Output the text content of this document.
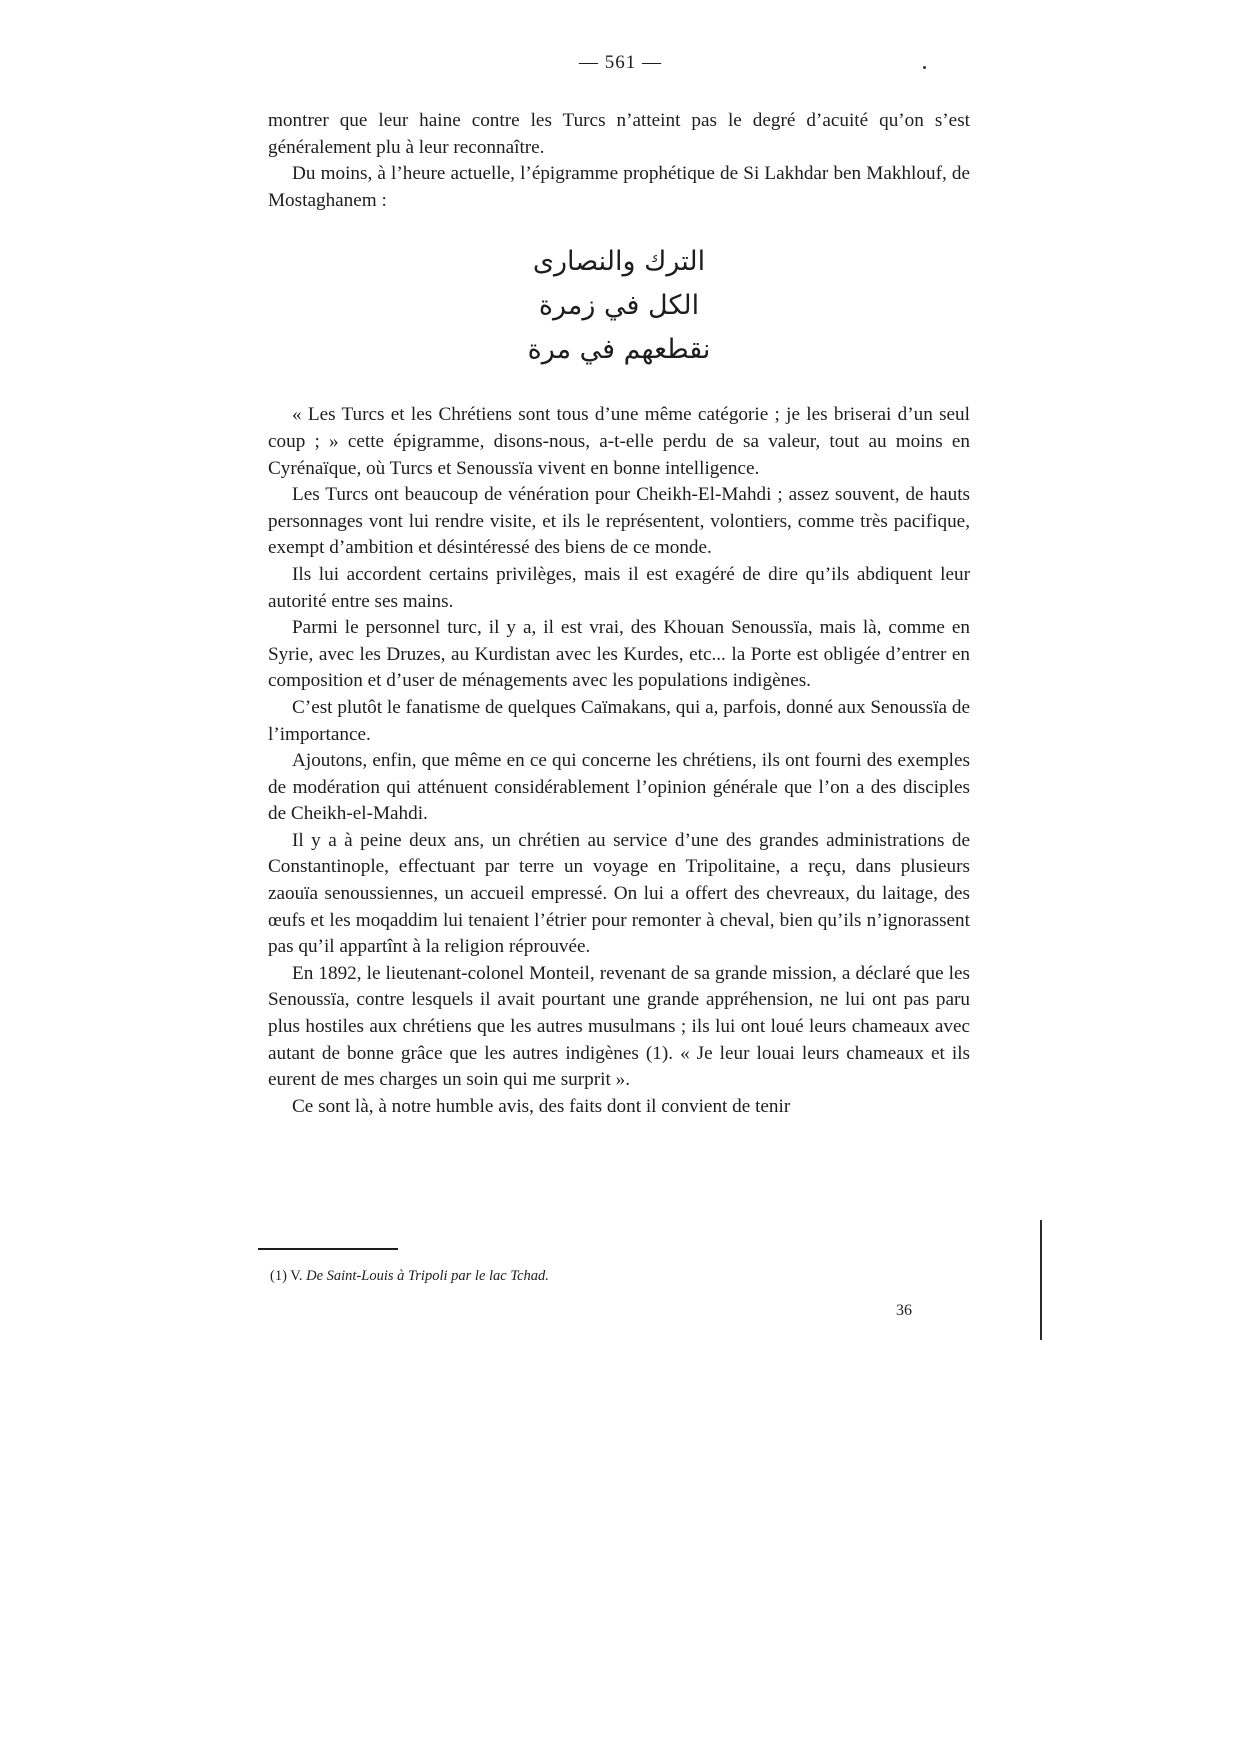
— 561 —

montrer que leur haine contre les Turcs n’atteint pas le degré d’acuité qu’on s’est généralement plu à leur reconnaître.

Du moins, à l’heure actuelle, l’épigramme prophétique de Si Lakhdar ben Makhlouf, de Mostaghanem :

الترك والنصارى
الكل في زمرة
نقطعهم في مرة

« Les Turcs et les Chrétiens sont tous d’une même catégorie ; je les briserai d’un seul coup ; » cette épigramme, disons-nous, a-t-elle perdu de sa valeur, tout au moins en Cyrénaïque, où Turcs et Senoussïa vivent en bonne intelligence.

Les Turcs ont beaucoup de vénération pour Cheikh-El-Mahdi ; assez souvent, de hauts personnages vont lui rendre visite, et ils le représentent, volontiers, comme très pacifique, exempt d’ambition et désintéressé des biens de ce monde.

Ils lui accordent certains privilèges, mais il est exagéré de dire qu’ils abdiquent leur autorité entre ses mains.

Parmi le personnel turc, il y a, il est vrai, des Khouan Senoussïa, mais là, comme en Syrie, avec les Druzes, au Kurdistan avec les Kurdes, etc... la Porte est obligée d’entrer en composition et d’user de ménagements avec les populations indigènes.

C’est plutôt le fanatisme de quelques Caïmakans, qui a, parfois, donné aux Senoussïa de l’importance.

Ajoutons, enfin, que même en ce qui concerne les chrétiens, ils ont fourni des exemples de modération qui atténuent considérablement l’opinion générale que l’on a des disciples de Cheikh-el-Mahdi.

Il y a à peine deux ans, un chrétien au service d’une des grandes administrations de Constantinople, effectuant par terre un voyage en Tripolitaine, a reçu, dans plusieurs zaouïa senoussiennes, un accueil empressé. On lui a offert des chevreaux, du laitage, des œufs et les moqaddim lui tenaient l’étrier pour remonter à cheval, bien qu’ils n’ignorassent pas qu’il appartînt à la religion réprouvée.

En 1892, le lieutenant-colonel Monteil, revenant de sa grande mission, a déclaré que les Senoussïa, contre lesquels il avait pourtant une grande appréhension, ne lui ont pas paru plus hostiles aux chrétiens que les autres musulmans ; ils lui ont loué leurs chameaux avec autant de bonne grâce que les autres indigènes (1). « Je leur louai leurs chameaux et ils eurent de mes charges un soin qui me surprit ».

Ce sont là, à notre humble avis, des faits dont il convient de tenir

(1) V. De Saint-Louis à Tripoli par le lac Tchad.
36
